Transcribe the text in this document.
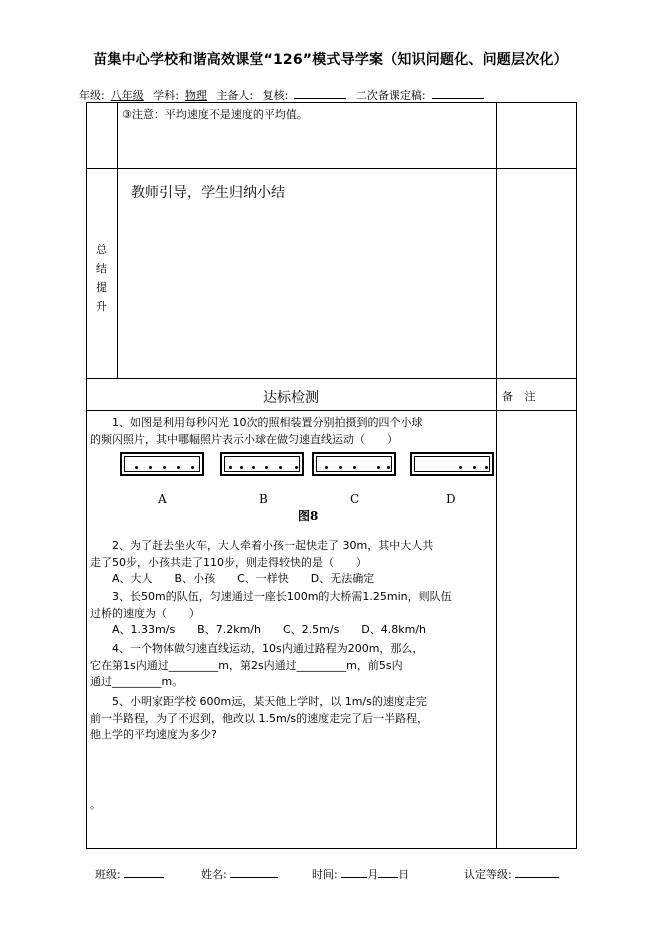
苗集中心学校和谐高效课堂“126”模式导学案（知识问题化、问题层次化）
年级: 八年级 学科: 物理 主备人: 复核:	二次备课定稿:
③注意：平均速度不是速度的平均值。
总
结
提
升
教师引导，学生归纳小结
达标检测	备 注
1、如图是利用每秒闪光 10次的照相装置分别拍摄到的四个小球
的频闪照片，其中哪幅照片表示小球在做匀速直线运动（　　）
A	B	C	D
图8
2、为了赶去坐火车，大人牵着小孩一起快走了 30m，其中大人共
走了50步，小孩共走了110步，则走得较快的是（　　）
A、大人　　B、小孩　　C、一样快　　D、无法确定
3、长50m的队伍，匀速通过一座长100m的大桥需1.25min，则队伍
过桥的速度为（　　）
A、1.33m/s　　B、7.2km/h　　C、2.5m/s　　D、4.8km/h
4、一个物体做匀速直线运动，10s内通过路程为200m，那么，
它在第1s内通过_________m，第2s内通过_________m，前5s内
通过_________m。
5、小明家距学校 600m远，某天他上学时，以 1m/s的速度走完
前一半路程，为了不迟到，他改以 1.5m/s的速度走完了后一半路程，
他上学的平均速度为多少?
。
班级:	姓名:	时间:	月 日	认定等级:
